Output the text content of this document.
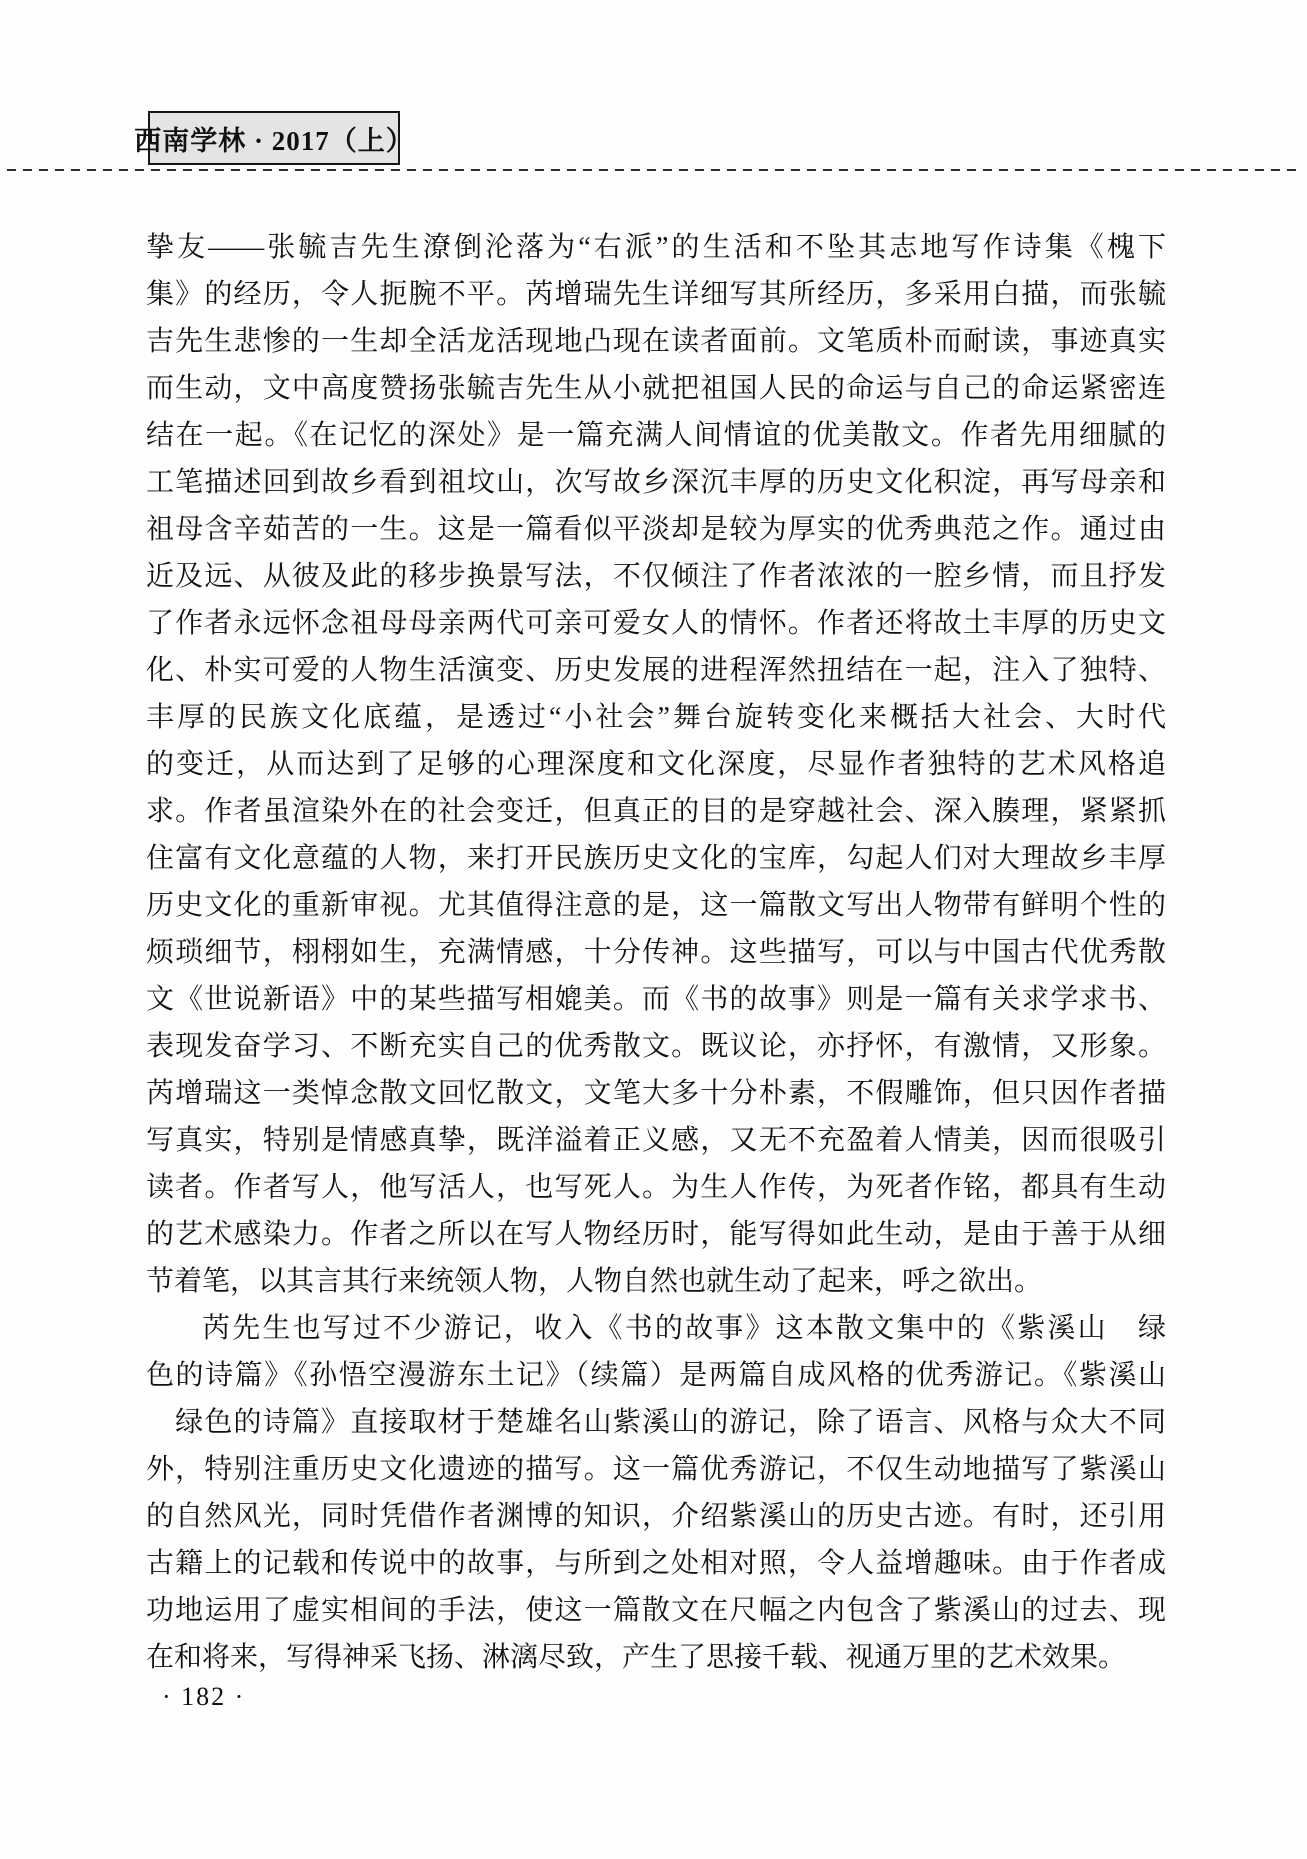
西南学林 · 2017（上）
挚友——张毓吉先生潦倒沦落为“右派”的生活和不坠其志地写作诗集《槐下
集》的经历，令人扼腕不平。芮增瑞先生详细写其所经历，多采用白描，而张毓
吉先生悲惨的一生却全活龙活现地凸现在读者面前。文笔质朴而耐读，事迹真实
而生动，文中高度赞扬张毓吉先生从小就把祖国人民的命运与自己的命运紧密连
结在一起。《在记忆的深处》是一篇充满人间情谊的优美散文。作者先用细腻的
工笔描述回到故乡看到祖坟山，次写故乡深沉丰厚的历史文化积淀，再写母亲和
祖母含辛茹苦的一生。这是一篇看似平淡却是较为厚实的优秀典范之作。通过由
近及远、从彼及此的移步换景写法，不仅倾注了作者浓浓的一腔乡情，而且抒发
了作者永远怀念祖母母亲两代可亲可爱女人的情怀。作者还将故土丰厚的历史文
化、朴实可爱的人物生活演变、历史发展的进程浑然扭结在一起，注入了独特、
丰厚的民族文化底蕴，是透过“小社会”舞台旋转变化来概括大社会、大时代
的变迁，从而达到了足够的心理深度和文化深度，尽显作者独特的艺术风格追
求。作者虽渲染外在的社会变迁，但真正的目的是穿越社会、深入腠理，紧紧抓
住富有文化意蕴的人物，来打开民族历史文化的宝库，勾起人们对大理故乡丰厚
历史文化的重新审视。尤其值得注意的是，这一篇散文写出人物带有鲜明个性的
烦琐细节，栩栩如生，充满情感，十分传神。这些描写，可以与中国古代优秀散
文《世说新语》中的某些描写相媲美。而《书的故事》则是一篇有关求学求书、
表现发奋学习、不断充实自己的优秀散文。既议论，亦抒怀，有激情，又形象。
芮增瑞这一类悼念散文回忆散文，文笔大多十分朴素，不假雕饰，但只因作者描
写真实，特别是情感真挚，既洋溢着正义感，又无不充盈着人情美，因而很吸引
读者。作者写人，他写活人，也写死人。为生人作传，为死者作铭，都具有生动
的艺术感染力。作者之所以在写人物经历时，能写得如此生动，是由于善于从细
节着笔，以其言其行来统领人物，人物自然也就生动了起来，呼之欲出。
芮先生也写过不少游记，收入《书的故事》这本散文集中的《紫溪山　绿
色的诗篇》《孙悟空漫游东土记》（续篇）是两篇自成风格的优秀游记。《紫溪山
　绿色的诗篇》直接取材于楚雄名山紫溪山的游记，除了语言、风格与众大不同
外，特别注重历史文化遗迹的描写。这一篇优秀游记，不仅生动地描写了紫溪山
的自然风光，同时凭借作者渊博的知识，介绍紫溪山的历史古迹。有时，还引用
古籍上的记载和传说中的故事，与所到之处相对照，令人益增趣味。由于作者成
功地运用了虚实相间的手法，使这一篇散文在尺幅之内包含了紫溪山的过去、现
在和将来，写得神采飞扬、淋漓尽致，产生了思接千载、视通万里的艺术效果。
· 182 ·
